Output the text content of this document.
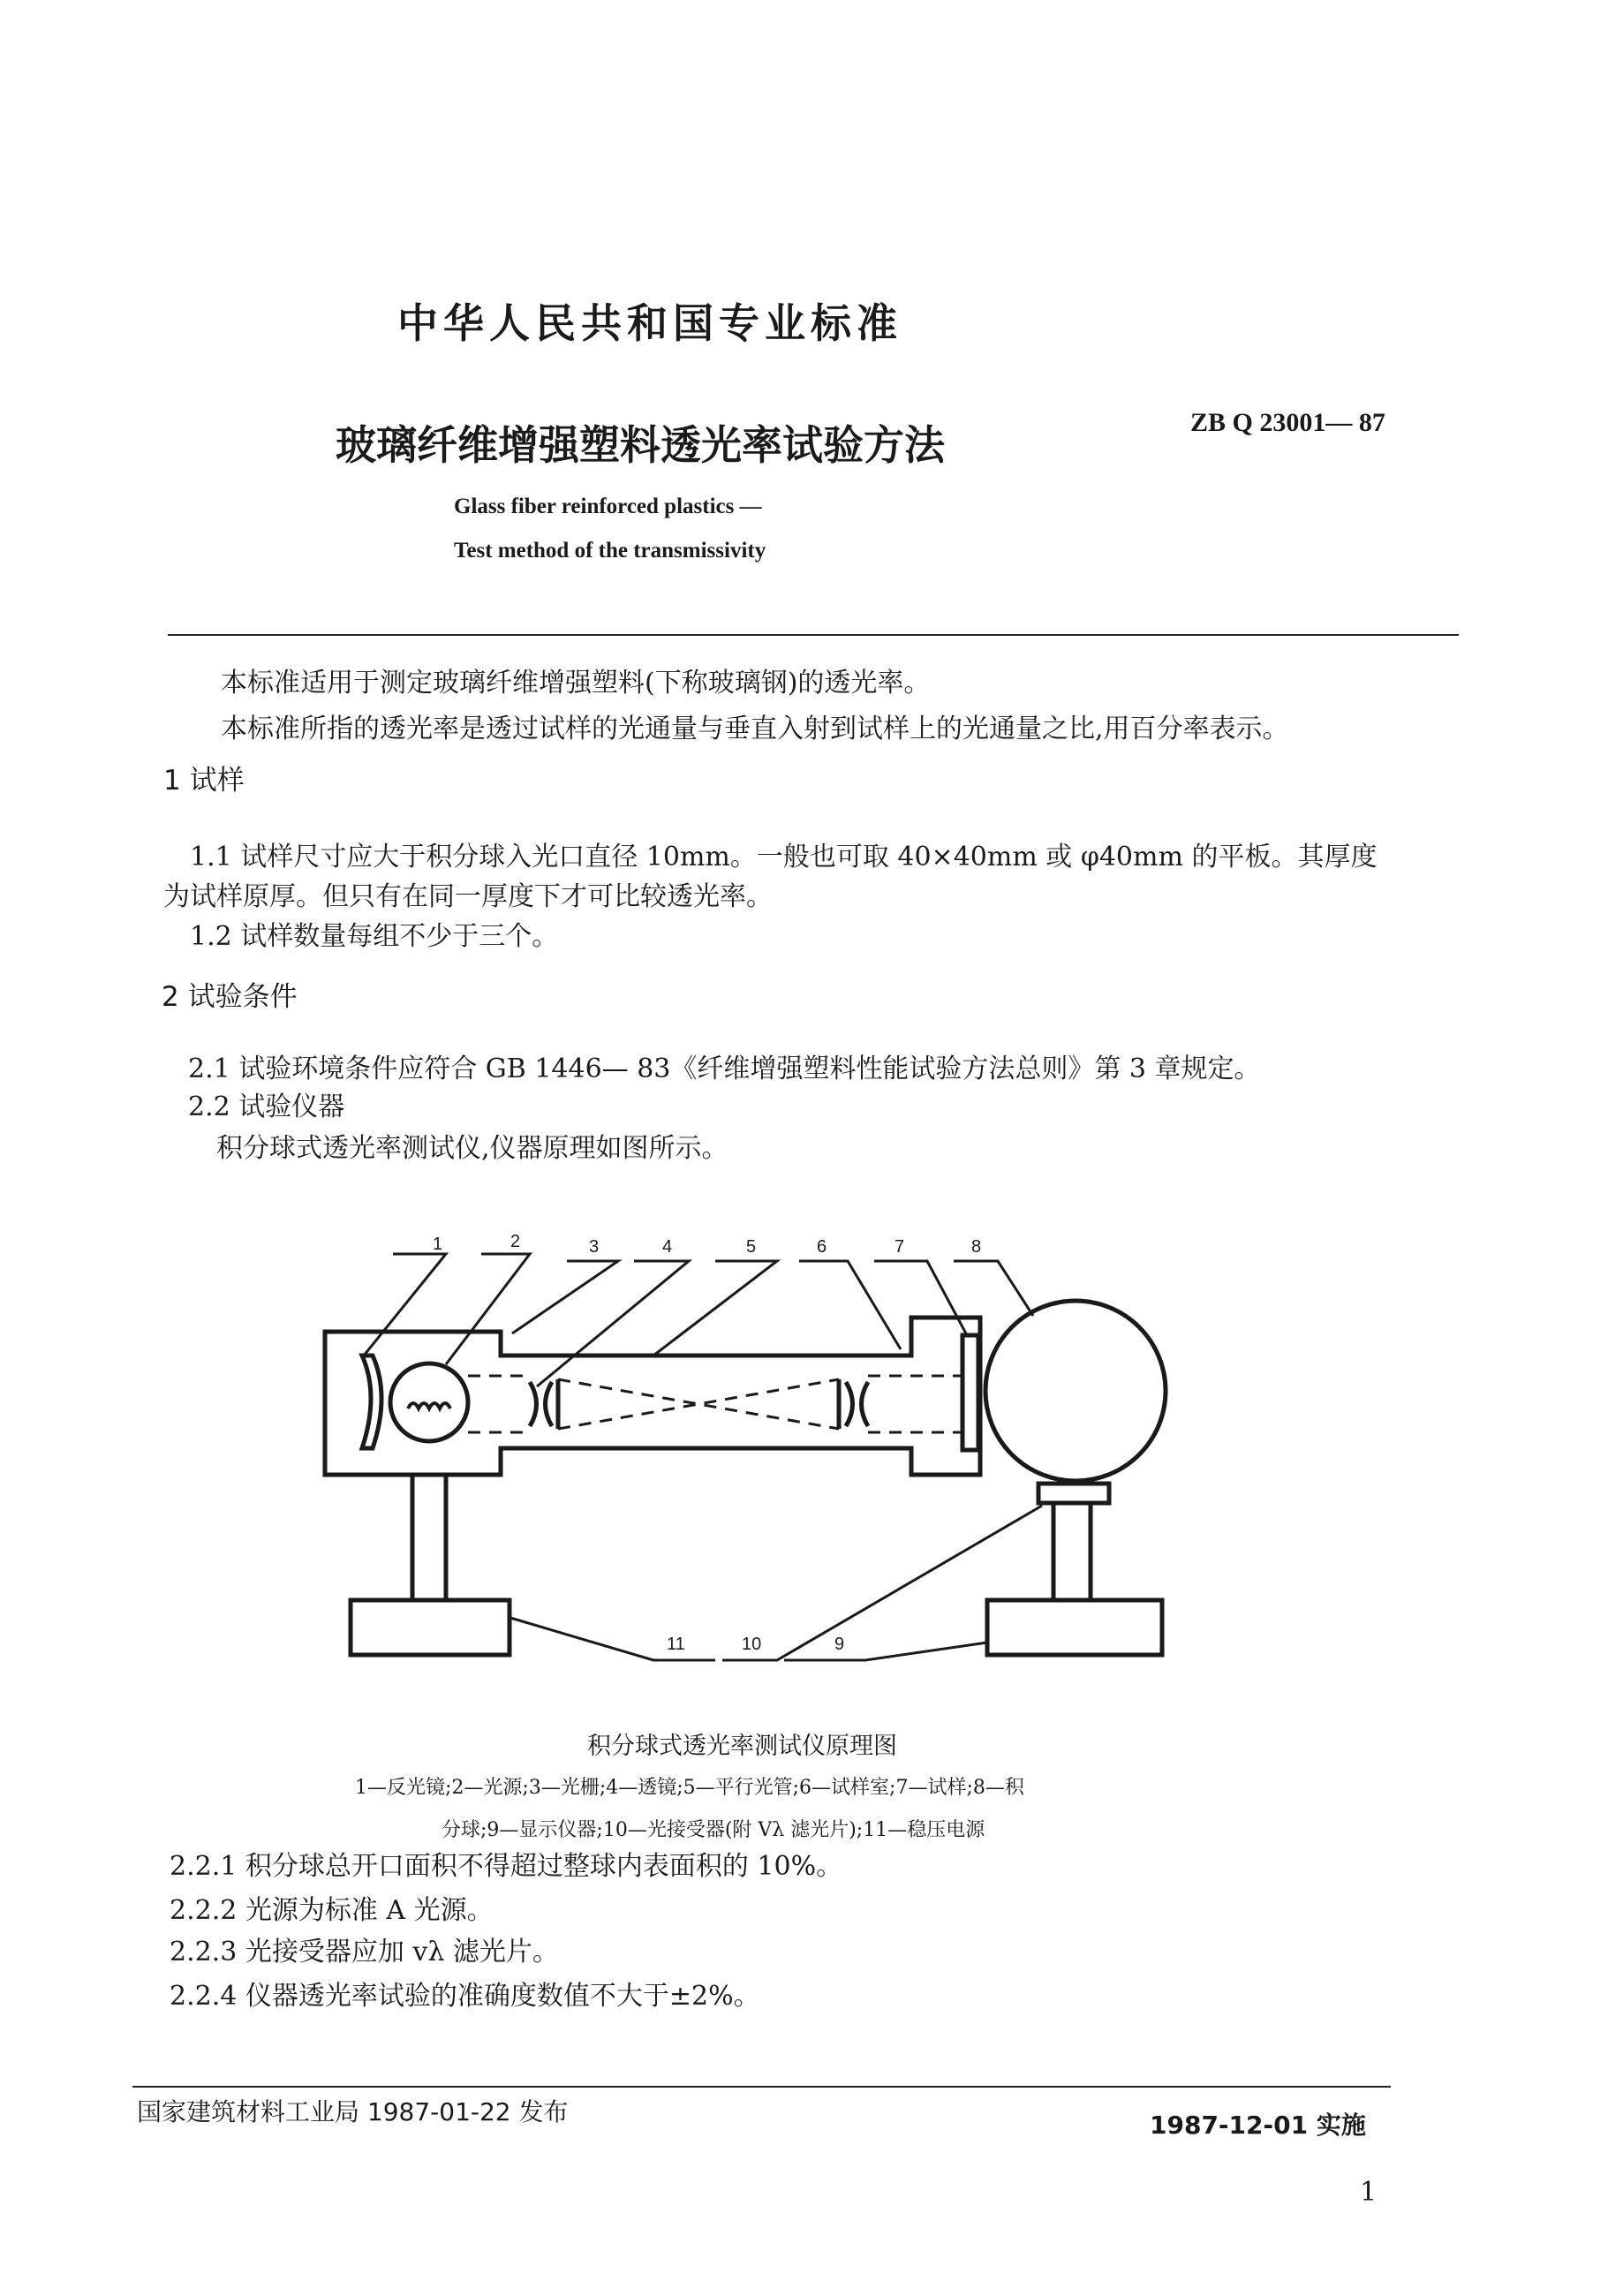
中华人民共和国专业标准
玻璃纤维增强塑料透光率试验方法	ZB Q 23001— 87
Glass fiber reinforced plastics —
Test method of the transmissivity
本标准适用于测定玻璃纤维增强塑料(下称玻璃钢)的透光率。
本标准所指的透光率是透过试样的光通量与垂直入射到试样上的光通量之比,用百分率表示。
1 试样
1.1 试样尺寸应大于积分球入光口直径 10mm。一般也可取 40×40mm 或 φ40mm 的平板。其厚度
为试样原厚。但只有在同一厚度下才可比较透光率。
1.2 试样数量每组不少于三个。
2 试验条件
2.1 试验环境条件应符合 GB 1446— 83《纤维增强塑料性能试验方法总则》第 3 章规定。
2.2 试验仪器
积分球式透光率测试仪,仪器原理如图所示。
1	2	3	4	5	6	7	8
9
10
11
积分球式透光率测试仪原理图
1—反光镜;2—光源;3—光栅;4—透镜;5—平行光管;6—试样室;7—试样;8—积
分球;9—显示仪器;10—光接受器(附 Vλ 滤光片);11—稳压电源
2.2.1 积分球总开口面积不得超过整球内表面积的 10%。
2.2.2 光源为标准 A 光源。
2.2.3 光接受器应加 vλ 滤光片。
2.2.4 仪器透光率试验的准确度数值不大于±2%。
国家建筑材料工业局 1987-01-22 发布	1987-12-01 实施
1
